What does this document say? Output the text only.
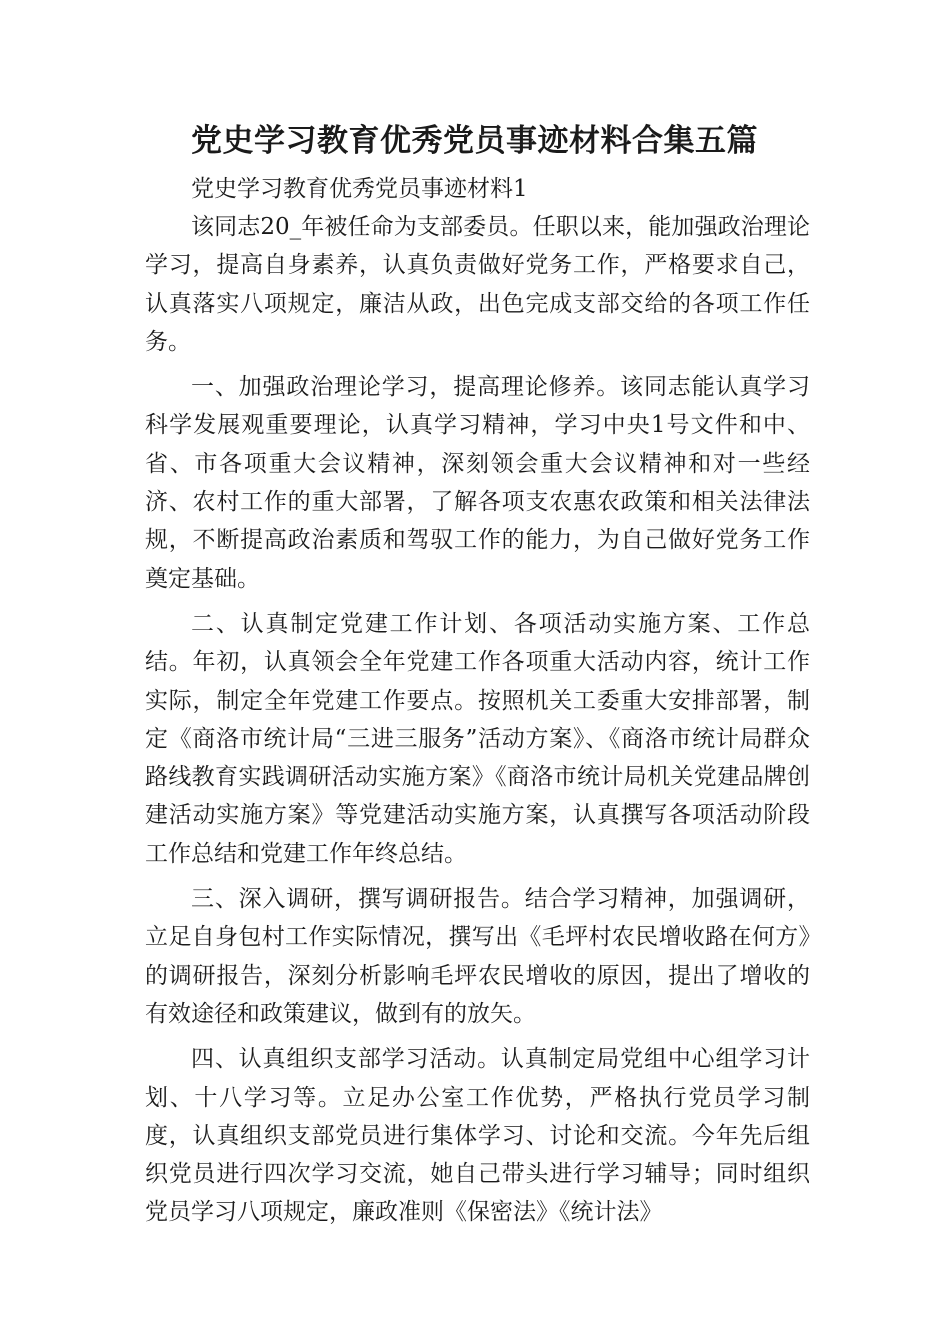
党史学习教育优秀党员事迹材料合集五篇

党史学习教育优秀党员事迹材料1

该同志20_年被任命为支部委员。任职以来，能加强政治理论学习，提高自身素养，认真负责做好党务工作，严格要求自己，认真落实八项规定，廉洁从政，出色完成支部交给的各项工作任务。

一、加强政治理论学习，提高理论修养。该同志能认真学习科学发展观重要理论，认真学习精神，学习中央1号文件和中、省、市各项重大会议精神，深刻领会重大会议精神和对一些经济、农村工作的重大部署，了解各项支农惠农政策和相关法律法规，不断提高政治素质和驾驭工作的能力，为自己做好党务工作奠定基础。

二、认真制定党建工作计划、各项活动实施方案、工作总结。年初，认真领会全年党建工作各项重大活动内容，统计工作实际，制定全年党建工作要点。按照机关工委重大安排部署，制定《商洛市统计局“三进三服务”活动方案》、《商洛市统计局群众路线教育实践调研活动实施方案》《商洛市统计局机关党建品牌创建活动实施方案》等党建活动实施方案，认真撰写各项活动阶段工作总结和党建工作年终总结。

三、深入调研，撰写调研报告。结合学习精神，加强调研，立足自身包村工作实际情况，撰写出《毛坪村农民增收路在何方》的调研报告，深刻分析影响毛坪农民增收的原因，提出了增收的有效途径和政策建议，做到有的放矢。

四、认真组织支部学习活动。认真制定局党组中心组学习计划、十八学习等。立足办公室工作优势，严格执行党员学习制度，认真组织支部党员进行集体学习、讨论和交流。今年先后组织党员进行四次学习交流，她自己带头进行学习辅导；同时组织党员学习八项规定，廉政准则《保密法》《统计法》
